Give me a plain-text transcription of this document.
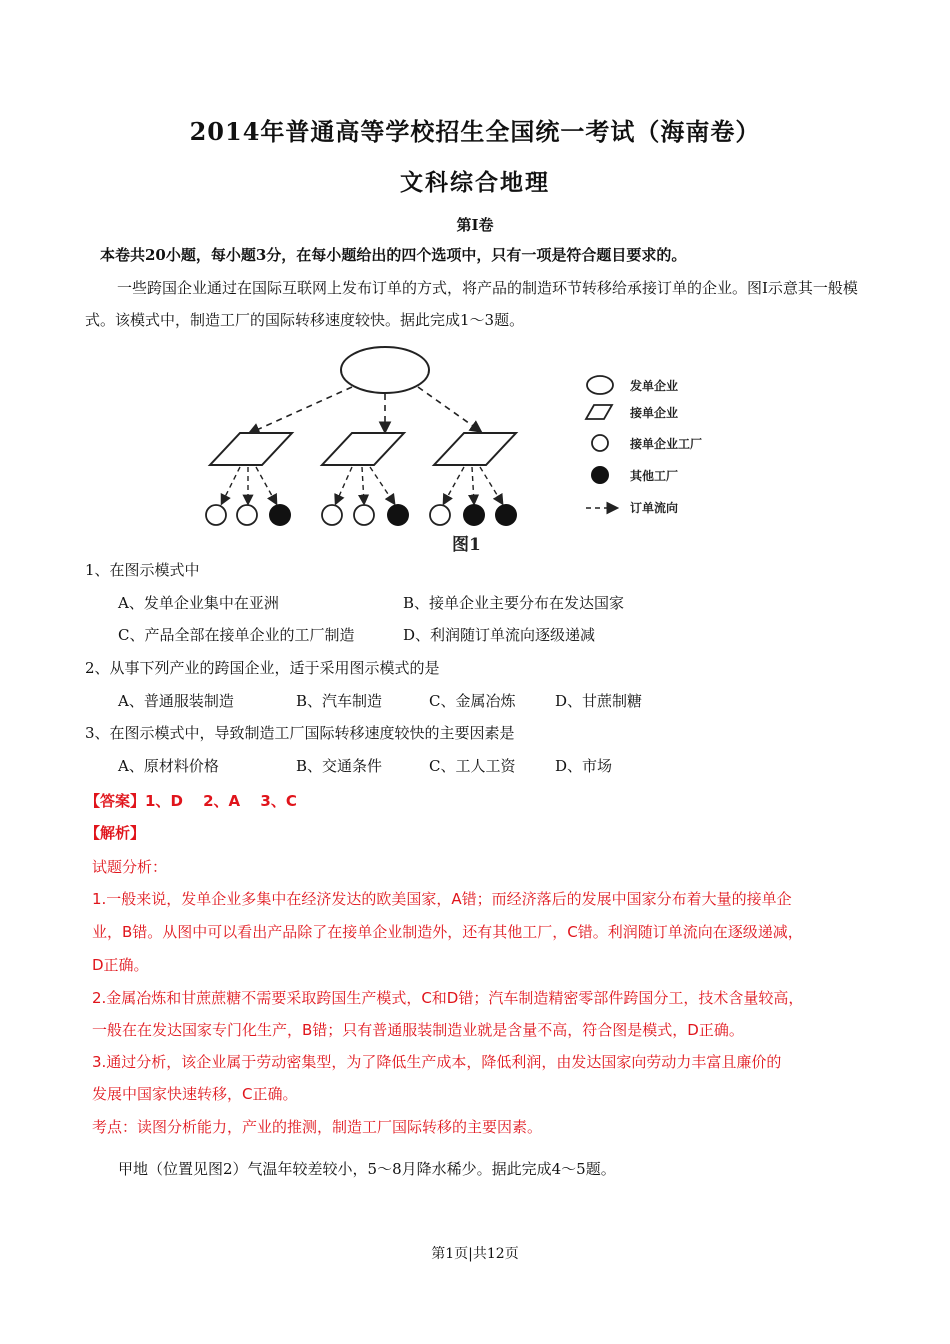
2014年普通高等学校招生全国统一考试（海南卷）
文科综合地理
第Ⅰ卷
本卷共20小题，每小题3分，在每小题给出的四个选项中，只有一项是符合题目要求的。

一些跨国企业通过在国际互联网上发布订单的方式，将产品的制造环节转移给承接订单的企业。图Ⅰ示意其一般模式。该模式中，制造工厂的国际转移速度较快。据此完成1～3题。

图1
发单企业
接单企业
接单企业工厂
其他工厂
订单流向
1、在图示模式中
A、发单企业集中在亚洲	B、接单企业主要分布在发达国家
C、产品全部在接单企业的工厂制造	D、利润随订单流向逐级递减
2、从事下列产业的跨国企业，适于采用图示模式的是
A、普通服装制造	B、汽车制造	C、金属冶炼	D、甘蔗制糖
3、在图示模式中，导致制造工厂国际转移速度较快的主要因素是
A、原材料价格	B、交通条件	C、工人工资	D、市场
【答案】1、D　 2、A　 3、C
【解析】
试题分析：
1.一般来说，发单企业多集中在经济发达的欧美国家，A错；而经济落后的发展中国家分布着大量的接单企
业，B错。从图中可以看出产品除了在接单企业制造外，还有其他工厂，C错。利润随订单流向在逐级递减，
D正确。
2.金属冶炼和甘蔗蔗糖不需要采取跨国生产模式，C和D错；汽车制造精密零部件跨国分工，技术含量较高，
一般在在发达国家专门化生产，B错；只有普通服装制造业就是含量不高，符合图是模式，D正确。
3.通过分析，该企业属于劳动密集型，为了降低生产成本，降低利润，由发达国家向劳动力丰富且廉价的
发展中国家快速转移，C正确。
考点：读图分析能力，产业的推测，制造工厂国际转移的主要因素。
甲地（位置见图2）气温年较差较小，5～8月降水稀少。据此完成4～5题。
第1页|共12页
